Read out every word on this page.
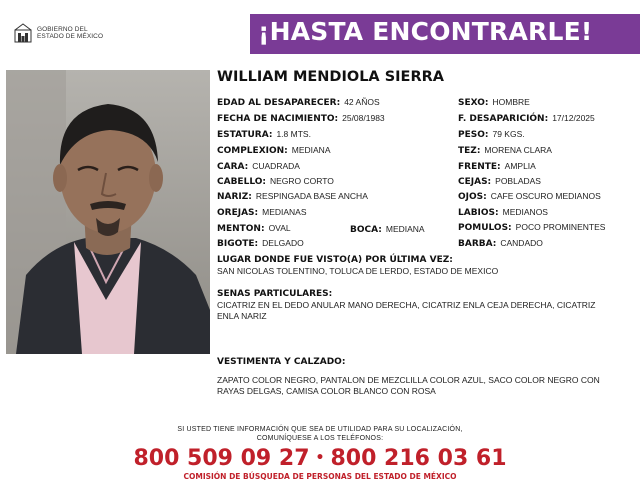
GOBIERNO DEL
ESTADO DE MÉXICO	¡HASTA ENCONTRARLE!
WILLIAM MENDIOLA SIERRA
EDAD AL DESAPARECER: 42 AÑOS
FECHA DE NACIMIENTO: 25/08/1983
ESTATURA: 1.8 MTS.
COMPLEXION: MEDIANA
CARA: CUADRADA
CABELLO: NEGRO CORTO
NARIZ: RESPINGADA BASE ANCHA
OREJAS: MEDIANAS
MENTON: OVAL	BOCA: MEDIANA
BIGOTE: DELGADO
SEXO: HOMBRE
F. DESAPARICIÓN: 17/12/2025
PESO: 79 KGS.
TEZ: MORENA CLARA
FRENTE: AMPLIA
CEJAS: POBLADAS
OJOS: CAFE OSCURO MEDIANOS
LABIOS: MEDIANOS
POMULOS: POCO PROMINENTES
BARBA: CANDADO
LUGAR DONDE FUE VISTO(A) POR ÚLTIMA VEZ:
SAN NICOLAS TOLENTINO, TOLUCA DE LERDO, ESTADO DE MEXICO
SENAS PARTICULARES:
CICATRIZ EN EL DEDO ANULAR MANO DERECHA, CICATRIZ ENLA CEJA DERECHA, CICATRIZ ENLA NARIZ
VESTIMENTA Y CALZADO:
ZAPATO COLOR NEGRO, PANTALON DE MEZCLILLA COLOR AZUL, SACO COLOR NEGRO CON RAYAS DELGAS, CAMISA COLOR BLANCO CON ROSA
SI USTED TIENE INFORMACIÓN QUE SEA DE UTILIDAD PARA SU LOCALIZACIÓN,
COMUNÍQUESE A LOS TELÉFONOS:
800 509 09 27 • 800 216 03 61
COMISIÓN DE BÚSQUEDA DE PERSONAS DEL ESTADO DE MÉXICO
